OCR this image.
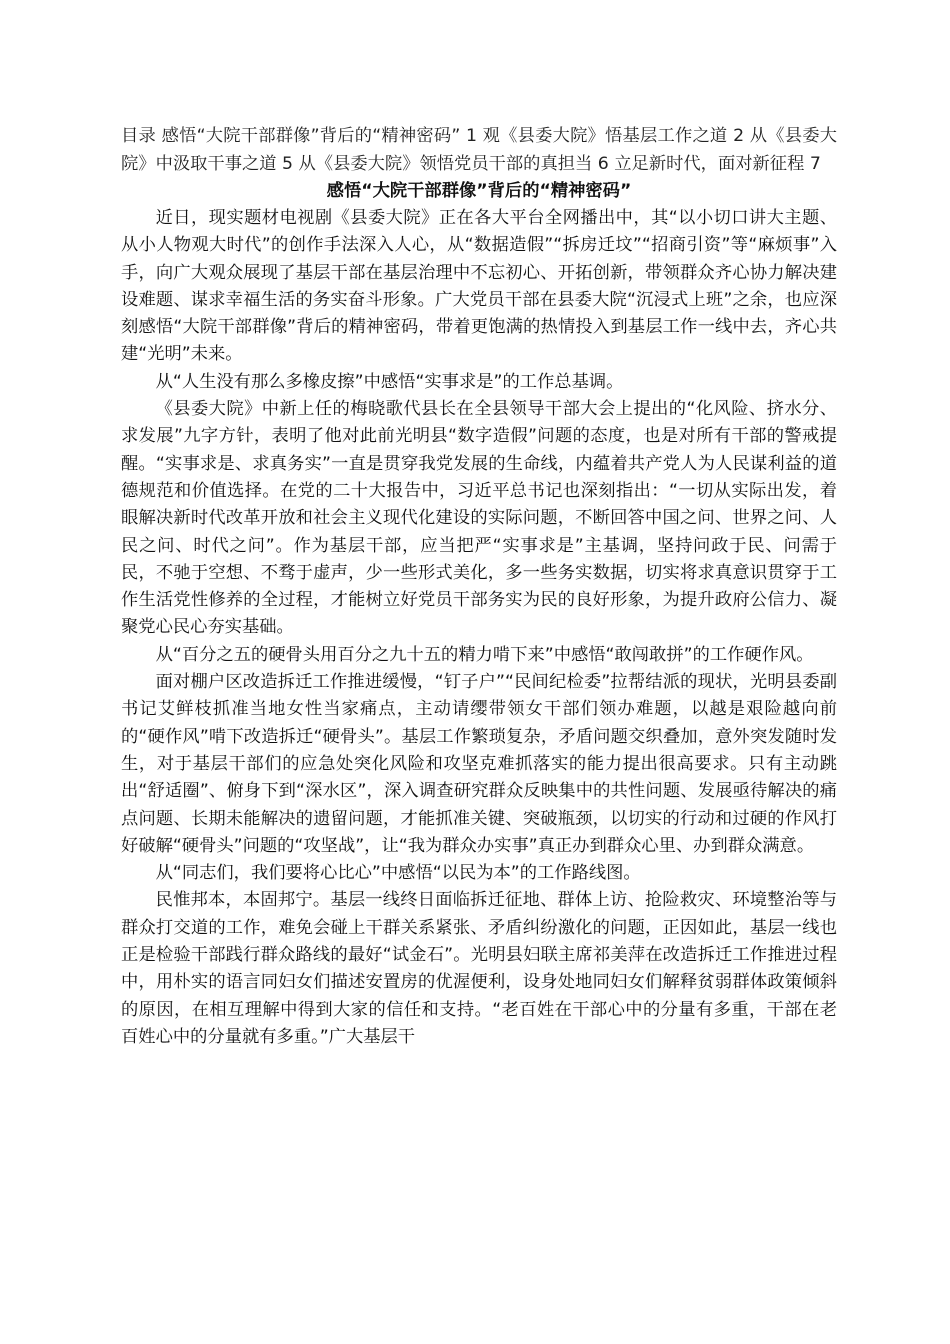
目录 感悟“大院干部群像”背后的“精神密码” 1 观《县委大院》悟基层工作之道 2 从《县委大院》中汲取干事之道 5 从《县委大院》领悟党员干部的真担当 6 立足新时代，面对新征程 7

感悟“大院干部群像”背后的“精神密码”

近日，现实题材电视剧《县委大院》正在各大平台全网播出中，其“以小切口讲大主题、从小人物观大时代”的创作手法深入人心，从“数据造假”“拆房迁坟”“招商引资”等“麻烦事”入手，向广大观众展现了基层干部在基层治理中不忘初心、开拓创新，带领群众齐心协力解决建设难题、谋求幸福生活的务实奋斗形象。广大党员干部在县委大院“沉浸式上班”之余，也应深刻感悟“大院干部群像”背后的精神密码，带着更饱满的热情投入到基层工作一线中去，齐心共建“光明”未来。

从“人生没有那么多橡皮擦”中感悟“实事求是”的工作总基调。

《县委大院》中新上任的梅晓歌代县长在全县领导干部大会上提出的“化风险、挤水分、求发展”九字方针，表明了他对此前光明县“数字造假”问题的态度，也是对所有干部的警戒提醒。“实事求是、求真务实”一直是贯穿我党发展的生命线，内蕴着共产党人为人民谋利益的道德规范和价值选择。在党的二十大报告中，习近平总书记也深刻指出：“一切从实际出发，着眼解决新时代改革开放和社会主义现代化建设的实际问题，不断回答中国之问、世界之问、人民之问、时代之问”。作为基层干部，应当把严“实事求是”主基调，坚持问政于民、问需于民，不驰于空想、不骛于虚声，少一些形式美化，多一些务实数据，切实将求真意识贯穿于工作生活党性修养的全过程，才能树立好党员干部务实为民的良好形象，为提升政府公信力、凝聚党心民心夯实基础。

从“百分之五的硬骨头用百分之九十五的精力啃下来”中感悟“敢闯敢拼”的工作硬作风。

面对棚户区改造拆迁工作推进缓慢，“钉子户”“民间纪检委”拉帮结派的现状，光明县委副书记艾鲜枝抓准当地女性当家痛点，主动请缨带领女干部们领办难题，以越是艰险越向前的“硬作风”啃下改造拆迁“硬骨头”。基层工作繁琐复杂，矛盾问题交织叠加，意外突发随时发生，对于基层干部们的应急处突化风险和攻坚克难抓落实的能力提出很高要求。只有主动跳出“舒适圈”、俯身下到“深水区”，深入调查研究群众反映集中的共性问题、发展亟待解决的痛点问题、长期未能解决的遗留问题，才能抓准关键、突破瓶颈，以切实的行动和过硬的作风打好破解“硬骨头”问题的“攻坚战”，让“我为群众办实事”真正办到群众心里、办到群众满意。

从“同志们，我们要将心比心”中感悟“以民为本”的工作路线图。

民惟邦本，本固邦宁。基层一线终日面临拆迁征地、群体上访、抢险救灾、环境整治等与群众打交道的工作，难免会碰上干群关系紧张、矛盾纠纷激化的问题，正因如此，基层一线也正是检验干部践行群众路线的最好“试金石”。光明县妇联主席祁美萍在改造拆迁工作推进过程中，用朴实的语言同妇女们描述安置房的优渥便利，设身处地同妇女们解释贫弱群体政策倾斜的原因，在相互理解中得到大家的信任和支持。“老百姓在干部心中的分量有多重，干部在老百姓心中的分量就有多重。”广大基层干
